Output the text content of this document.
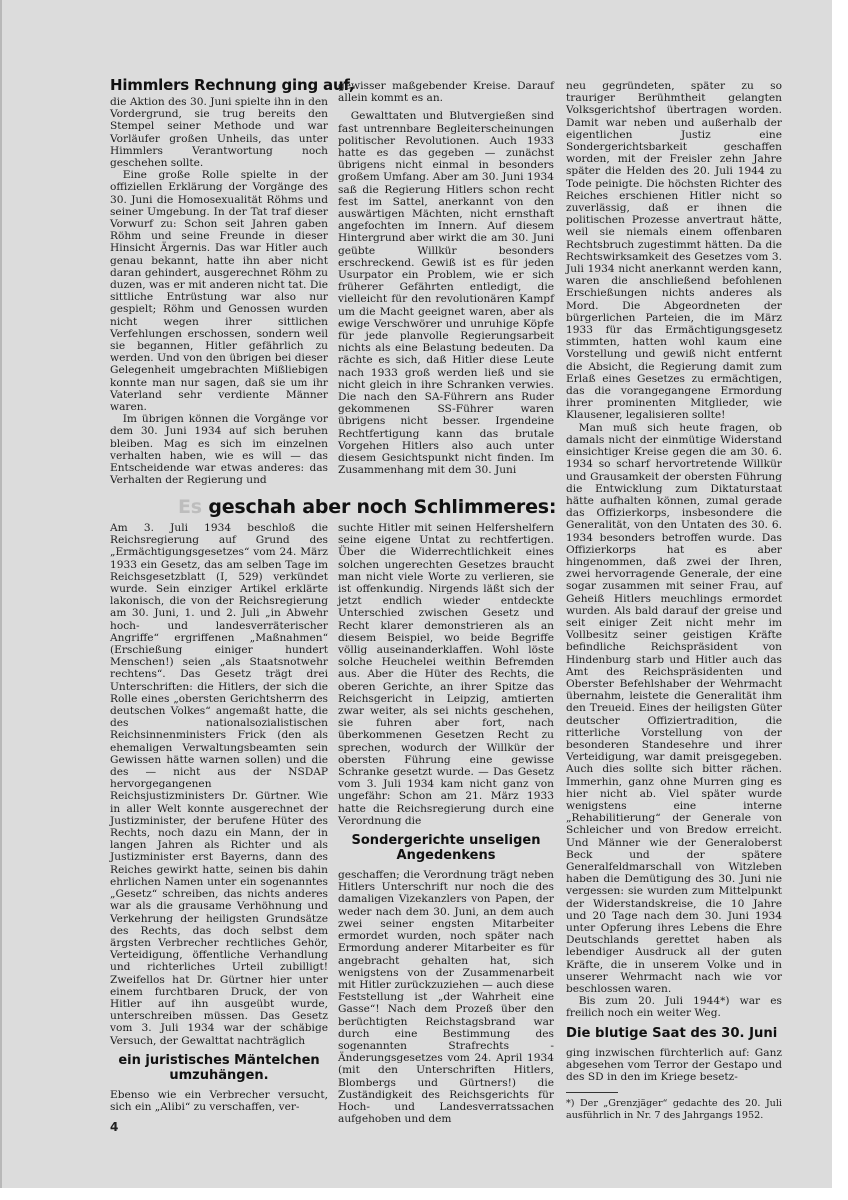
Himmlers Rechnung ging auf,

die Aktion des 30. Juni spielte ihn in den Vordergrund, sie trug bereits den Stempel seiner Methode und war Vorläufer großen Unheils, das unter Himmlers Verantwortung noch geschehen sollte.

Eine große Rolle spielte in der offiziellen Erklärung der Vorgänge des 30. Juni die Homosexualität Röhms und seiner Umgebung. In der Tat traf dieser Vorwurf zu: Schon seit Jahren gaben Röhm und seine Freunde in dieser Hinsicht Ärgernis. Das war Hitler auch genau bekannt, hatte ihn aber nicht daran gehindert, ausgerechnet Röhm zu duzen, was er mit anderen nicht tat. Die sittliche Entrüstung war also nur gespielt; Röhm und Genossen wurden nicht wegen ihrer sittlichen Verfehlungen erschossen, sondern weil sie begannen, Hitler gefährlich zu werden. Und von den übrigen bei dieser Gelegenheit umgebrachten Mißliebigen konnte man nur sagen, daß sie um ihr Vaterland sehr verdiente Männer waren.

Im übrigen können die Vorgänge vor dem 30. Juni 1934 auf sich beruhen bleiben. Mag es sich im einzelnen verhalten haben, wie es will — das Entscheidende war etwas anderes: das Verhalten der Regierung und

gewisser maßgebender Kreise. Darauf allein kommt es an.

Gewalttaten und Blutvergießen sind fast untrennbare Begleiterscheinungen politischer Revolutionen. Auch 1933 hatte es das gegeben — zunächst übrigens nicht einmal in besonders großem Umfang. Aber am 30. Juni 1934 saß die Regierung Hitlers schon recht fest im Sattel, anerkannt von den auswärtigen Mächten, nicht ernsthaft angefochten im Innern. Auf diesem Hintergrund aber wirkt die am 30. Juni geübte Willkür besonders erschreckend. Gewiß ist es für jeden Usurpator ein Problem, wie er sich früherer Gefährten entledigt, die vielleicht für den revolutionären Kampf um die Macht geeignet waren, aber als ewige Verschwörer und unruhige Köpfe für jede planvolle Regierungsarbeit nichts als eine Belastung bedeuten. Da rächte es sich, daß Hitler diese Leute nach 1933 groß werden ließ und sie nicht gleich in ihre Schranken verwies. Die nach den SA-Führern ans Ruder gekommenen SS-Führer waren übrigens nicht besser. Irgendeine Rechtfertigung kann das brutale Vorgehen Hitlers also auch unter diesem Gesichtspunkt nicht finden. Im Zusammenhang mit dem 30. Juni

Es geschah aber noch Schlimmeres:

Am 3. Juli 1934 beschloß die Reichsregierung auf Grund des „Ermächtigungsgesetzes“ vom 24. März 1933 ein Gesetz, das am selben Tage im Reichsgesetzblatt (I, 529) verkündet wurde. Sein einziger Artikel erklärte lakonisch, die von der Reichsregierung am 30. Juni, 1. und 2. Juli „in Abwehr hoch- und landesverräterischer Angriffe“ ergriffenen „Maßnahmen“ (Erschießung einiger hundert Menschen!) seien „als Staatsnotwehr rechtens“. Das Gesetz trägt drei Unterschriften: die Hitlers, der sich die Rolle eines „obersten Gerichtsherrn des deutschen Volkes“ angemaßt hatte, die des nationalsozialistischen Reichsinnenministers Frick (den als ehemaligen Verwaltungsbeamten sein Gewissen hätte warnen sollen) und die des — nicht aus der NSDAP hervorgegangenen Reichsjustizministers Dr. Gürtner. Wie in aller Welt konnte ausgerechnet der Justizminister, der berufene Hüter des Rechts, noch dazu ein Mann, der in langen Jahren als Richter und als Justizminister erst Bayerns, dann des Reiches gewirkt hatte, seinen bis dahin ehrlichen Namen unter ein sogenanntes „Gesetz“ schreiben, das nichts anderes war als die grausame Verhöhnung und Verkehrung der heiligsten Grundsätze des Rechts, das doch selbst dem ärgsten Verbrecher rechtliches Gehör, Verteidigung, öffentliche Verhandlung und richterliches Urteil zubilligt! Zweifellos hat Dr. Gürtner hier unter einem furchtbaren Druck, der von Hitler auf ihn ausgeübt wurde, unterschreiben müssen. Das Gesetz vom 3. Juli 1934 war der schäbige Versuch, der Gewalttat nachträglich

ein juristisches Mäntelchen umzuhängen.

Ebenso wie ein Verbrecher versucht, sich ein „Alibi“ zu verschaffen, ver-

suchte Hitler mit seinen Helfershelfern seine eigene Untat zu rechtfertigen. Über die Widerrechtlichkeit eines solchen ungerechten Gesetzes braucht man nicht viele Worte zu verlieren, sie ist offenkundig. Nirgends läßt sich der jetzt endlich wieder entdeckte Unterschied zwischen Gesetz und Recht klarer demonstrieren als an diesem Beispiel, wo beide Begriffe völlig auseinanderklaffen. Wohl löste solche Heuchelei weithin Befremden aus. Aber die Hüter des Rechts, die oberen Gerichte, an ihrer Spitze das Reichsgericht in Leipzig, amtierten zwar weiter, als sei nichts geschehen, sie fuhren aber fort, nach überkommenen Gesetzen Recht zu sprechen, wodurch der Willkür der obersten Führung eine gewisse Schranke gesetzt wurde. — Das Gesetz vom 3. Juli 1934 kam nicht ganz von ungefähr: Schon am 21. März 1933 hatte die Reichsregierung durch eine Verordnung die

Sondergerichte unseligen Angedenkens

geschaffen; die Verordnung trägt neben Hitlers Unterschrift nur noch die des damaligen Vizekanzlers von Papen, der weder nach dem 30. Juni, an dem auch zwei seiner engsten Mitarbeiter ermordet wurden, noch später nach Ermordung anderer Mitarbeiter es für angebracht gehalten hat, sich wenigstens von der Zusammenarbeit mit Hitler zurückzuziehen — auch diese Feststellung ist „der Wahrheit eine Gasse“! Nach dem Prozeß über den berüchtigten Reichstagsbrand war durch eine Bestimmung des sogenannten Strafrechts - Änderungsgesetzes vom 24. April 1934 (mit den Unterschriften Hitlers, Blombergs und Gürtners!) die Zuständigkeit des Reichsgerichts für Hoch- und Landesverratssachen aufgehoben und dem

neu gegründeten, später zu so trauriger Berühmtheit gelangten Volksgerichtshof übertragen worden. Damit war neben und außerhalb der eigentlichen Justiz eine Sondergerichtsbarkeit geschaffen worden, mit der Freisler zehn Jahre später die Helden des 20. Juli 1944 zu Tode peinigte. Die höchsten Richter des Reiches erschienen Hitler nicht so zuverlässig, daß er ihnen die politischen Prozesse anvertraut hätte, weil sie niemals einem offenbaren Rechtsbruch zugestimmt hätten. Da die Rechtswirksamkeit des Gesetzes vom 3. Juli 1934 nicht anerkannt werden kann, waren die anschließend befohlenen Erschießungen nichts anderes als Mord. Die Abgeordneten der bürgerlichen Parteien, die im März 1933 für das Ermächtigungsgesetz stimmten, hatten wohl kaum eine Vorstellung und gewiß nicht entfernt die Absicht, die Regierung damit zum Erlaß eines Gesetzes zu ermächtigen, das die vorangegangene Ermordung ihrer prominenten Mitglieder, wie Klausener, legalisieren sollte!

Man muß sich heute fragen, ob damals nicht der einmütige Widerstand einsichtiger Kreise gegen die am 30. 6. 1934 so scharf hervortretende Willkür und Grausamkeit der obersten Führung die Entwicklung zum Diktaturstaat hätte aufhalten können, zumal gerade das Offizierkorps, insbesondere die Generalität, von den Untaten des 30. 6. 1934 besonders betroffen wurde. Das Offizierkorps hat es aber hingenommen, daß zwei der Ihren, zwei hervorragende Generale, der eine sogar zusammen mit seiner Frau, auf Geheiß Hitlers meuchlings ermordet wurden. Als bald darauf der greise und seit einiger Zeit nicht mehr im Vollbesitz seiner geistigen Kräfte befindliche Reichspräsident von Hindenburg starb und Hitler auch das Amt des Reichspräsidenten und Oberster Befehlshaber der Wehrmacht übernahm, leistete die Generalität ihm den Treueid. Eines der heiligsten Güter deutscher Offiziertradition, die ritterliche Vorstellung von der besonderen Standesehre und ihrer Verteidigung, war damit preisgegeben. Auch dies sollte sich bitter rächen. Immerhin, ganz ohne Murren ging es hier nicht ab. Viel später wurde wenigstens eine interne „Rehabilitierung“ der Generale von Schleicher und von Bredow erreicht. Und Männer wie der Generaloberst Beck und der spätere Generalfeldmarschall von Witzleben haben die Demütigung des 30. Juni nie vergessen: sie wurden zum Mittelpunkt der Widerstandskreise, die 10 Jahre und 20 Tage nach dem 30. Juni 1934 unter Opferung ihres Lebens die Ehre Deutschlands gerettet haben als lebendiger Ausdruck all der guten Kräfte, die in unserem Volke und in unserer Wehrmacht nach wie vor beschlossen waren.

Bis zum 20. Juli 1944*) war es freilich noch ein weiter Weg.

Die blutige Saat des 30. Juni

ging inzwischen fürchterlich auf: Ganz abgesehen vom Terror der Gestapo und des SD in den im Kriege besetz-

*) Der „Grenzjäger“ gedachte des 20. Juli ausführlich in Nr. 7 des Jahrgangs 1952.

4
